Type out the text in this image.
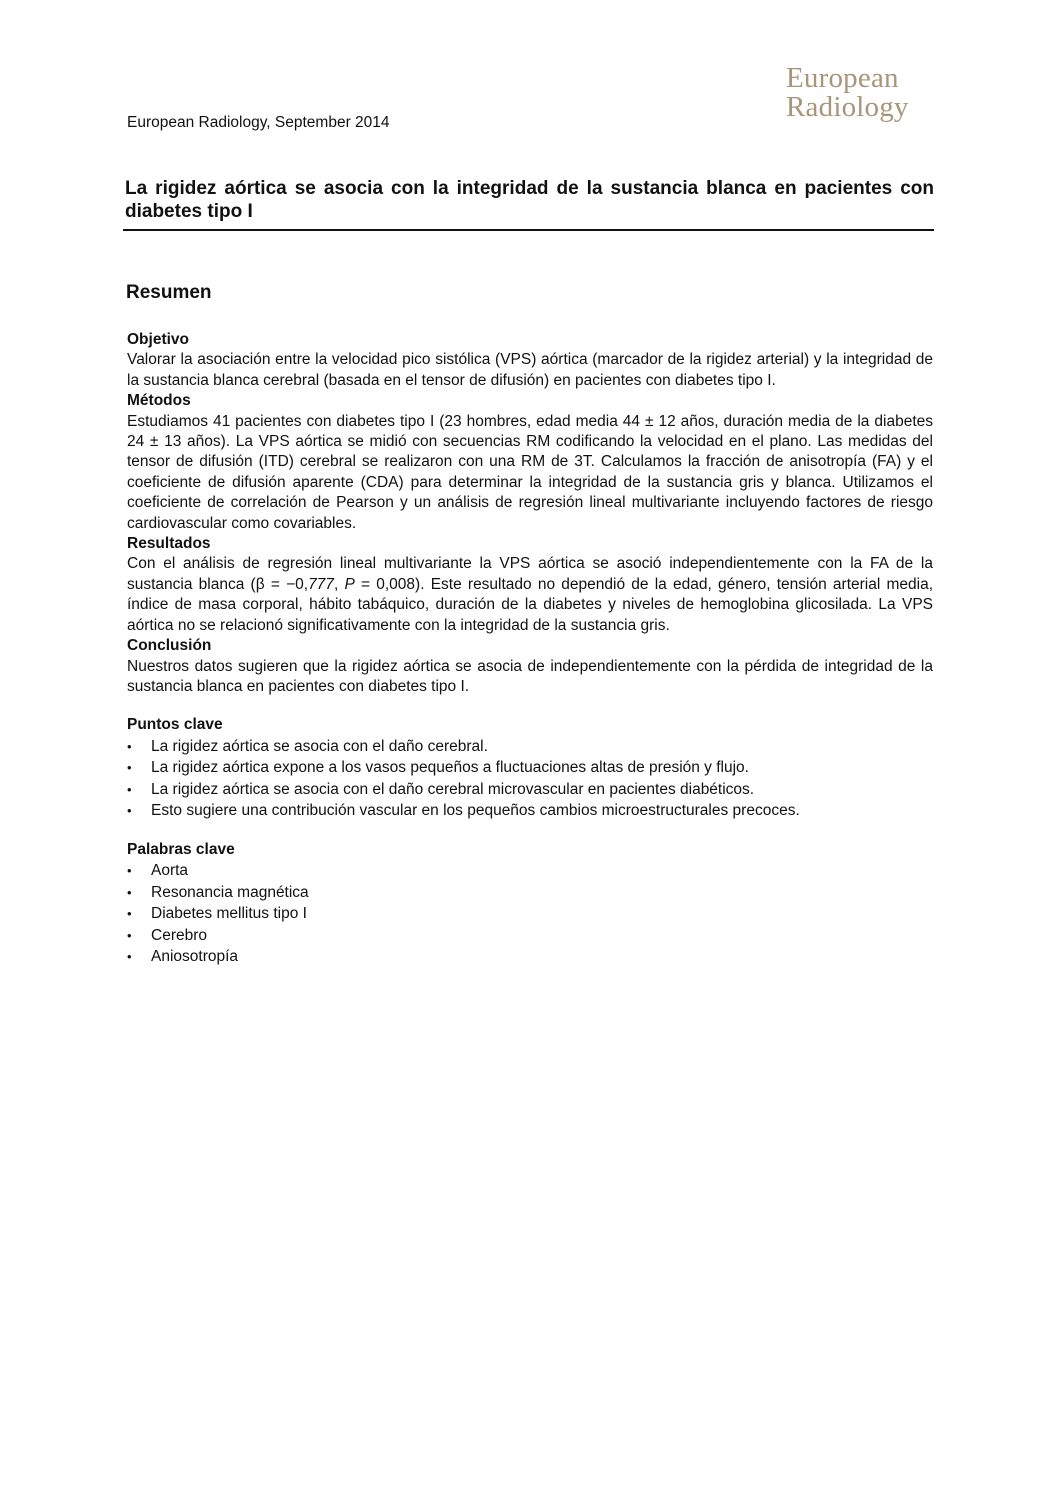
European
Radiology
European Radiology, September 2014
La rigidez aórtica se asocia con la integridad de la sustancia blanca en pacientes con diabetes tipo I
Resumen
Objetivo

Valorar la asociación entre la velocidad pico sistólica (VPS) aórtica (marcador de la rigidez arterial) y la integridad de la sustancia blanca cerebral (basada en el tensor de difusión) en pacientes con diabetes tipo I.

Métodos

Estudiamos 41 pacientes con diabetes tipo I (23 hombres, edad media 44 ± 12 años, duración media de la diabetes 24 ± 13 años). La VPS aórtica se midió con secuencias RM codificando la velocidad en el plano. Las medidas del tensor de difusión (ITD) cerebral se realizaron con una RM de 3T. Calculamos la fracción de anisotropía (FA) y el coeficiente de difusión aparente (CDA) para determinar la integridad de la sustancia gris y blanca. Utilizamos el coeficiente de correlación de Pearson y un análisis de regresión lineal multivariante incluyendo factores de riesgo cardiovascular como covariables.

Resultados

Con el análisis de regresión lineal multivariante la VPS aórtica se asoció independientemente con la FA de la sustancia blanca (β = −0,777, P = 0,008). Este resultado no dependió de la edad, género, tensión arterial media, índice de masa corporal, hábito tabáquico, duración de la diabetes y niveles de hemoglobina glicosilada. La VPS aórtica no se relacionó significativamente con la integridad de la sustancia gris.

Conclusión

Nuestros datos sugieren que la rigidez aórtica se asocia de independientemente con la pérdida de integridad de la sustancia blanca en pacientes con diabetes tipo I.

Puntos clave
• La rigidez aórtica se asocia con el daño cerebral.
• La rigidez aórtica expone a los vasos pequeños a fluctuaciones altas de presión y flujo.
• La rigidez aórtica se asocia con el daño cerebral microvascular en pacientes diabéticos.
• Esto sugiere una contribución vascular en los pequeños cambios microestructurales precoces.
Palabras clave
• Aorta
• Resonancia magnética
• Diabetes mellitus tipo I
• Cerebro
• Aniosotropía
